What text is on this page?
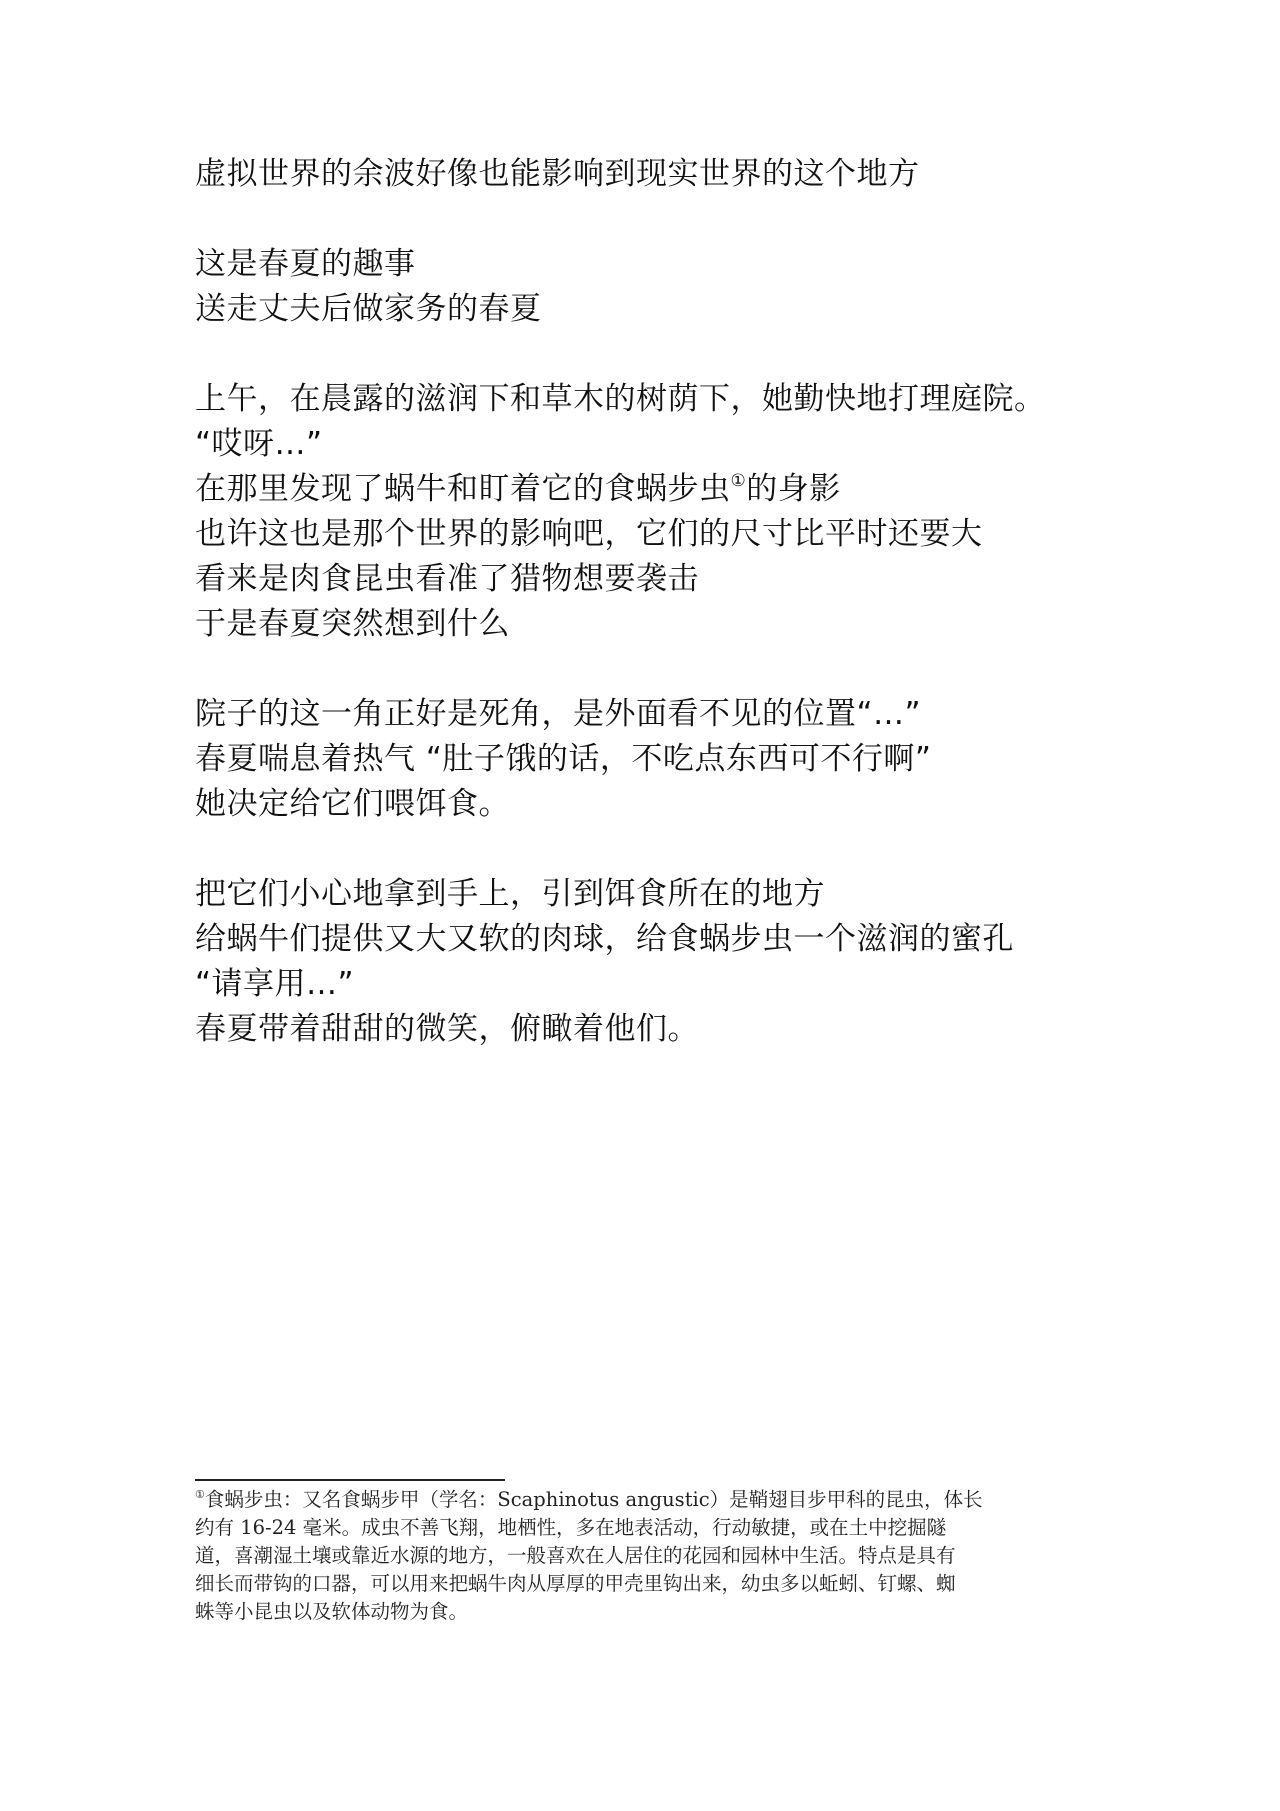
虚拟世界的余波好像也能影响到现实世界的这个地方
这是春夏的趣事
送走丈夫后做家务的春夏
上午，在晨露的滋润下和草木的树荫下，她勤快地打理庭院。
“哎呀…”
在那里发现了蜗牛和盯着它的食蜗步虫①的身影
也许这也是那个世界的影响吧，它们的尺寸比平时还要大
看来是肉食昆虫看准了猎物想要袭击
于是春夏突然想到什么
院子的这一角正好是死角，是外面看不见的位置“…”
春夏喘息着热气 “肚子饿的话，不吃点东西可不行啊”
她决定给它们喂饵食。
把它们小心地拿到手上，引到饵食所在的地方
给蜗牛们提供又大又软的肉球，给食蜗步虫一个滋润的蜜孔
“请享用…”
春夏带着甜甜的微笑，俯瞰着他们。
①食蜗步虫：又名食蜗步甲（学名：Scaphinotus angustic）是鞘翅目步甲科的昆虫，体长
约有 16-24 毫米。成虫不善飞翔，地栖性，多在地表活动，行动敏捷，或在土中挖掘隧
道，喜潮湿土壤或靠近水源的地方，一般喜欢在人居住的花园和园林中生活。特点是具有
细长而带钩的口器，可以用来把蜗牛肉从厚厚的甲壳里钩出来，幼虫多以蚯蚓、钉螺、蜘
蛛等小昆虫以及软体动物为食。
